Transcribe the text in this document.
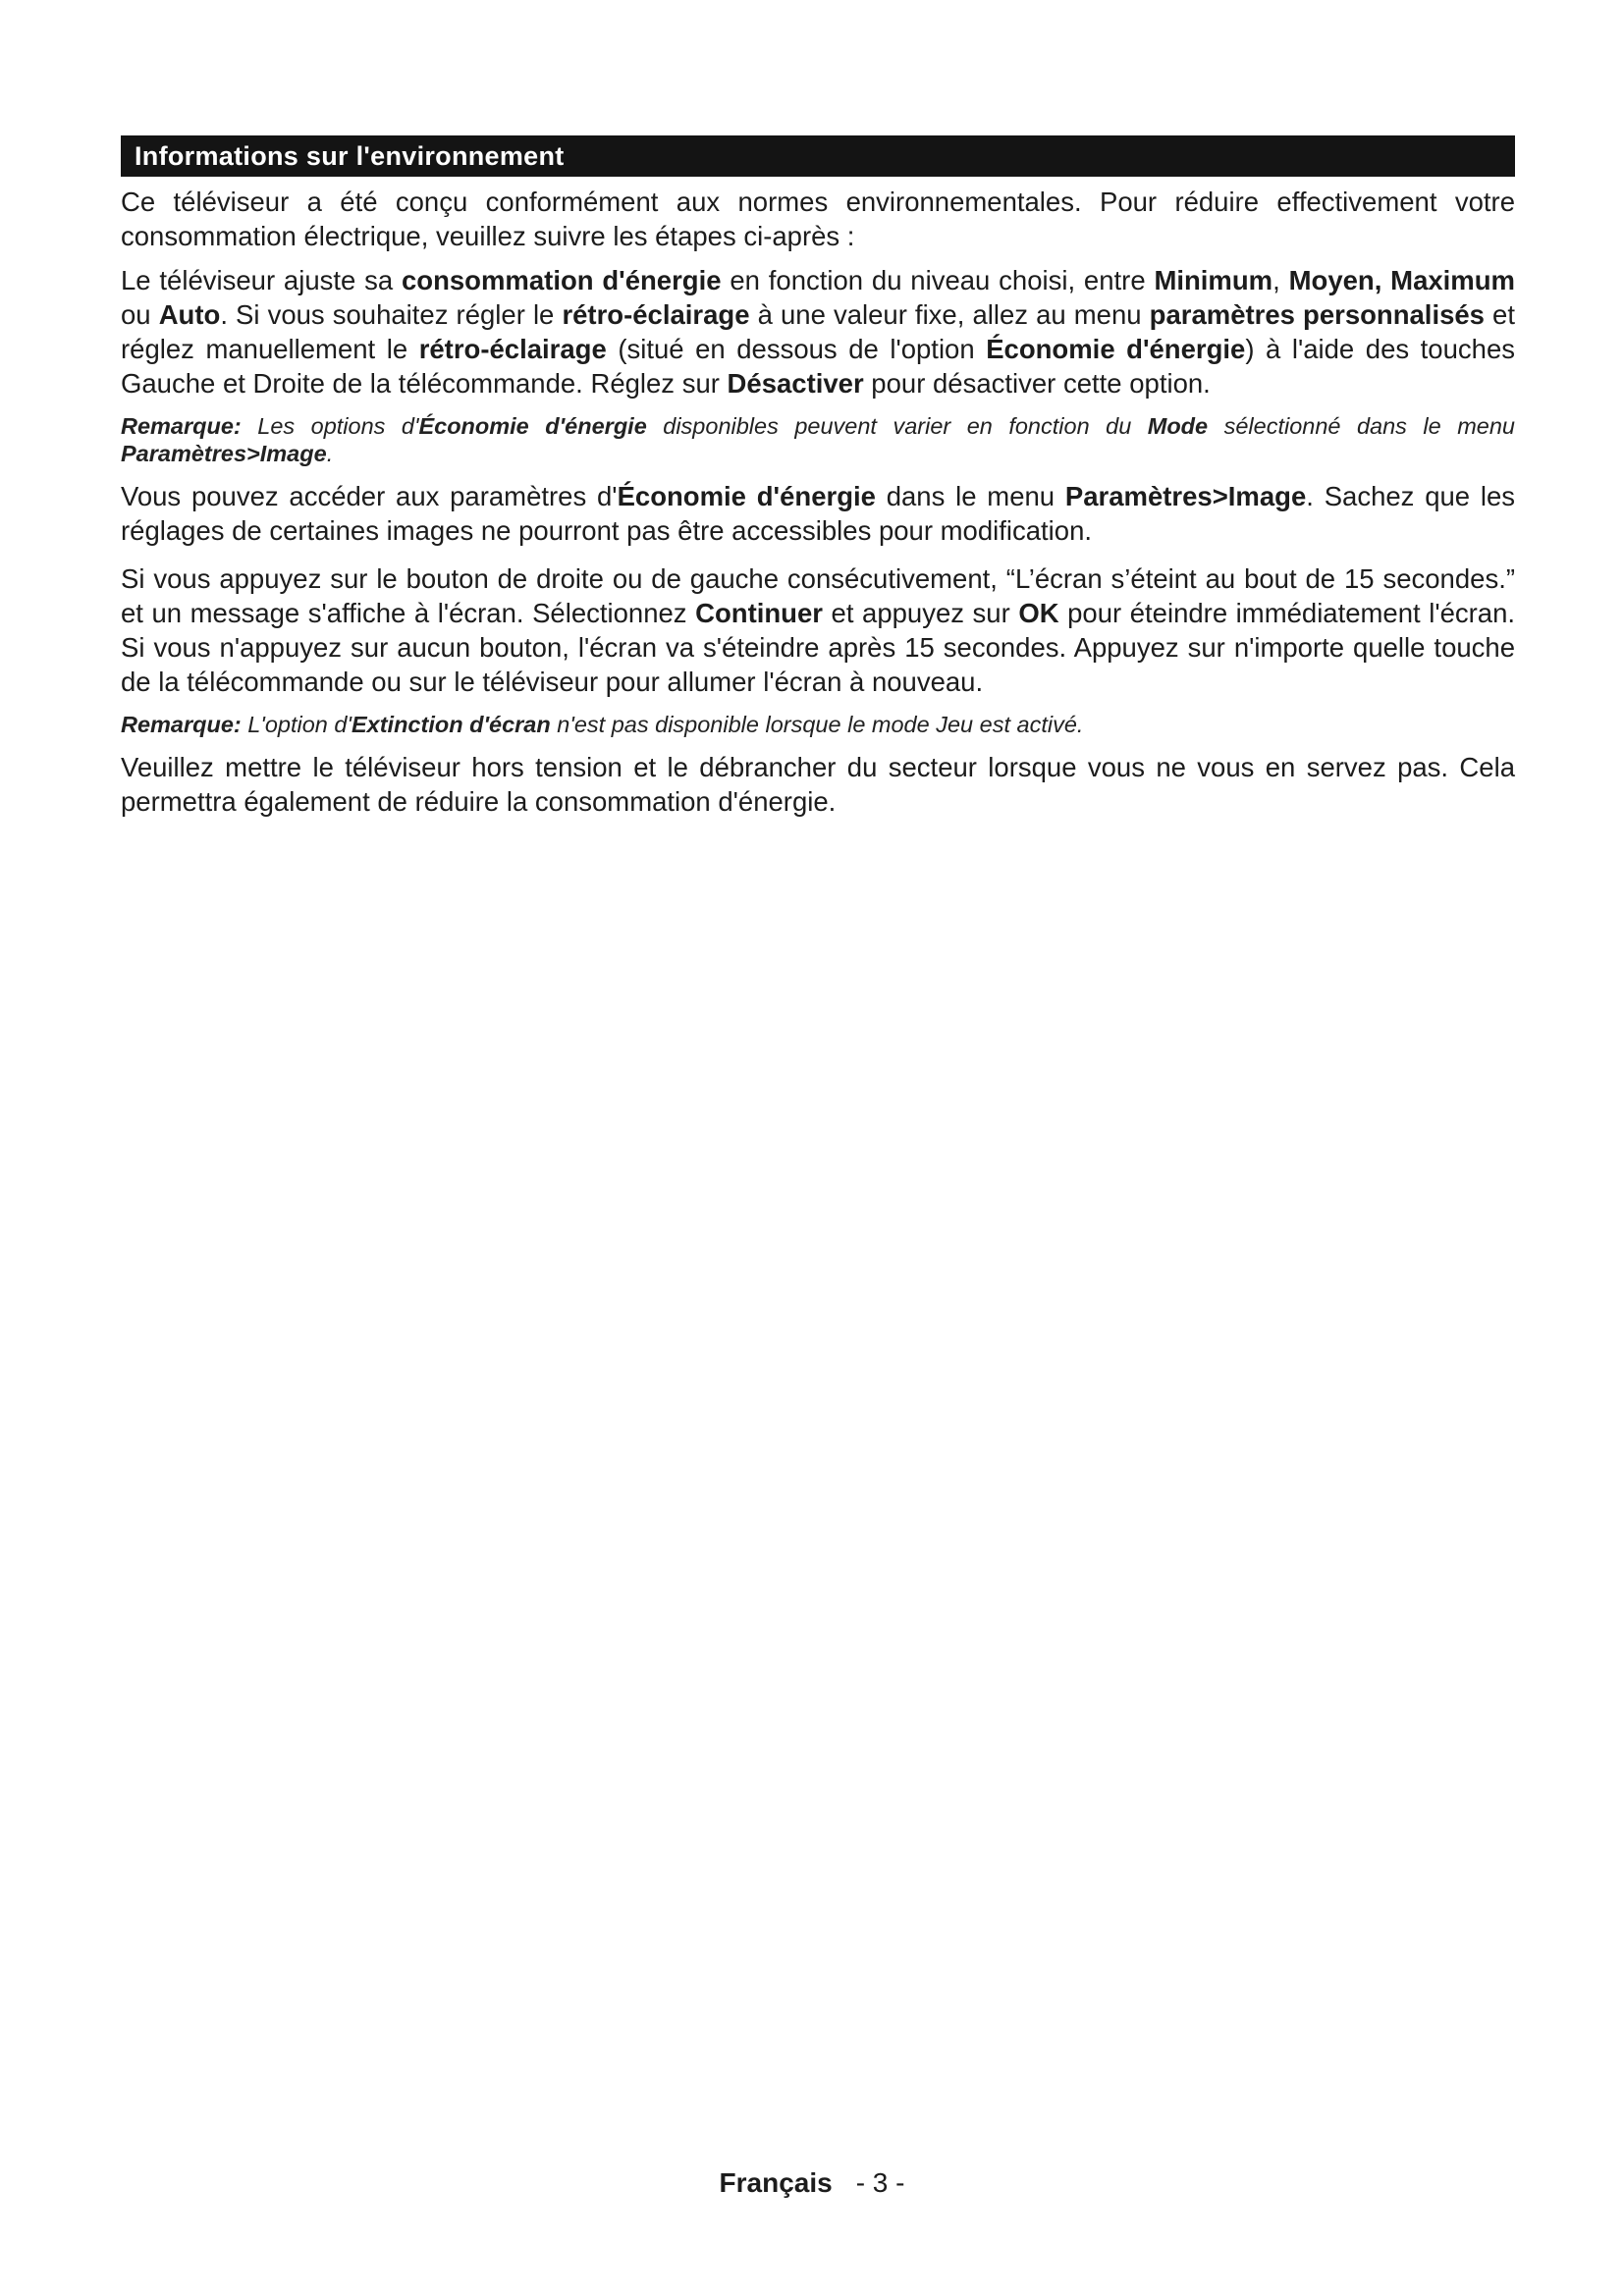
Informations sur l'environnement

Ce téléviseur a été conçu conformément aux normes environnementales. Pour réduire effectivement votre consommation électrique, veuillez suivre les étapes ci-après :

Le téléviseur ajuste sa consommation d'énergie en fonction du niveau choisi, entre Minimum, Moyen, Maximum ou Auto. Si vous souhaitez régler le rétro-éclairage à une valeur fixe, allez au menu paramètres personnalisés et réglez manuellement le rétro-éclairage (situé en dessous de l'option Économie d'énergie) à l'aide des touches Gauche et Droite de la télécommande. Réglez sur Désactiver pour désactiver cette option.

Remarque: Les options d'Économie d'énergie disponibles peuvent varier en fonction du Mode sélectionné dans le menu Paramètres>Image.

Vous pouvez accéder aux paramètres d'Économie d'énergie dans le menu Paramètres>Image. Sachez que les réglages de certaines images ne pourront pas être accessibles pour modification.

Si vous appuyez sur le bouton de droite ou de gauche consécutivement, “L’écran s’éteint au bout de 15 secondes.” et un message s'affiche à l'écran. Sélectionnez Continuer et appuyez sur OK pour éteindre immédiatement l'écran. Si vous n'appuyez sur aucun bouton, l'écran va s'éteindre après 15 secondes. Appuyez sur n'importe quelle touche de la télécommande ou sur le téléviseur pour allumer l'écran à nouveau.

Remarque: L'option d'Extinction d'écran n'est pas disponible lorsque le mode Jeu est activé.

Veuillez mettre le téléviseur hors tension et le débrancher du secteur lorsque vous ne vous en servez pas. Cela permettra également de réduire la consommation d'énergie.

Français - 3 -
